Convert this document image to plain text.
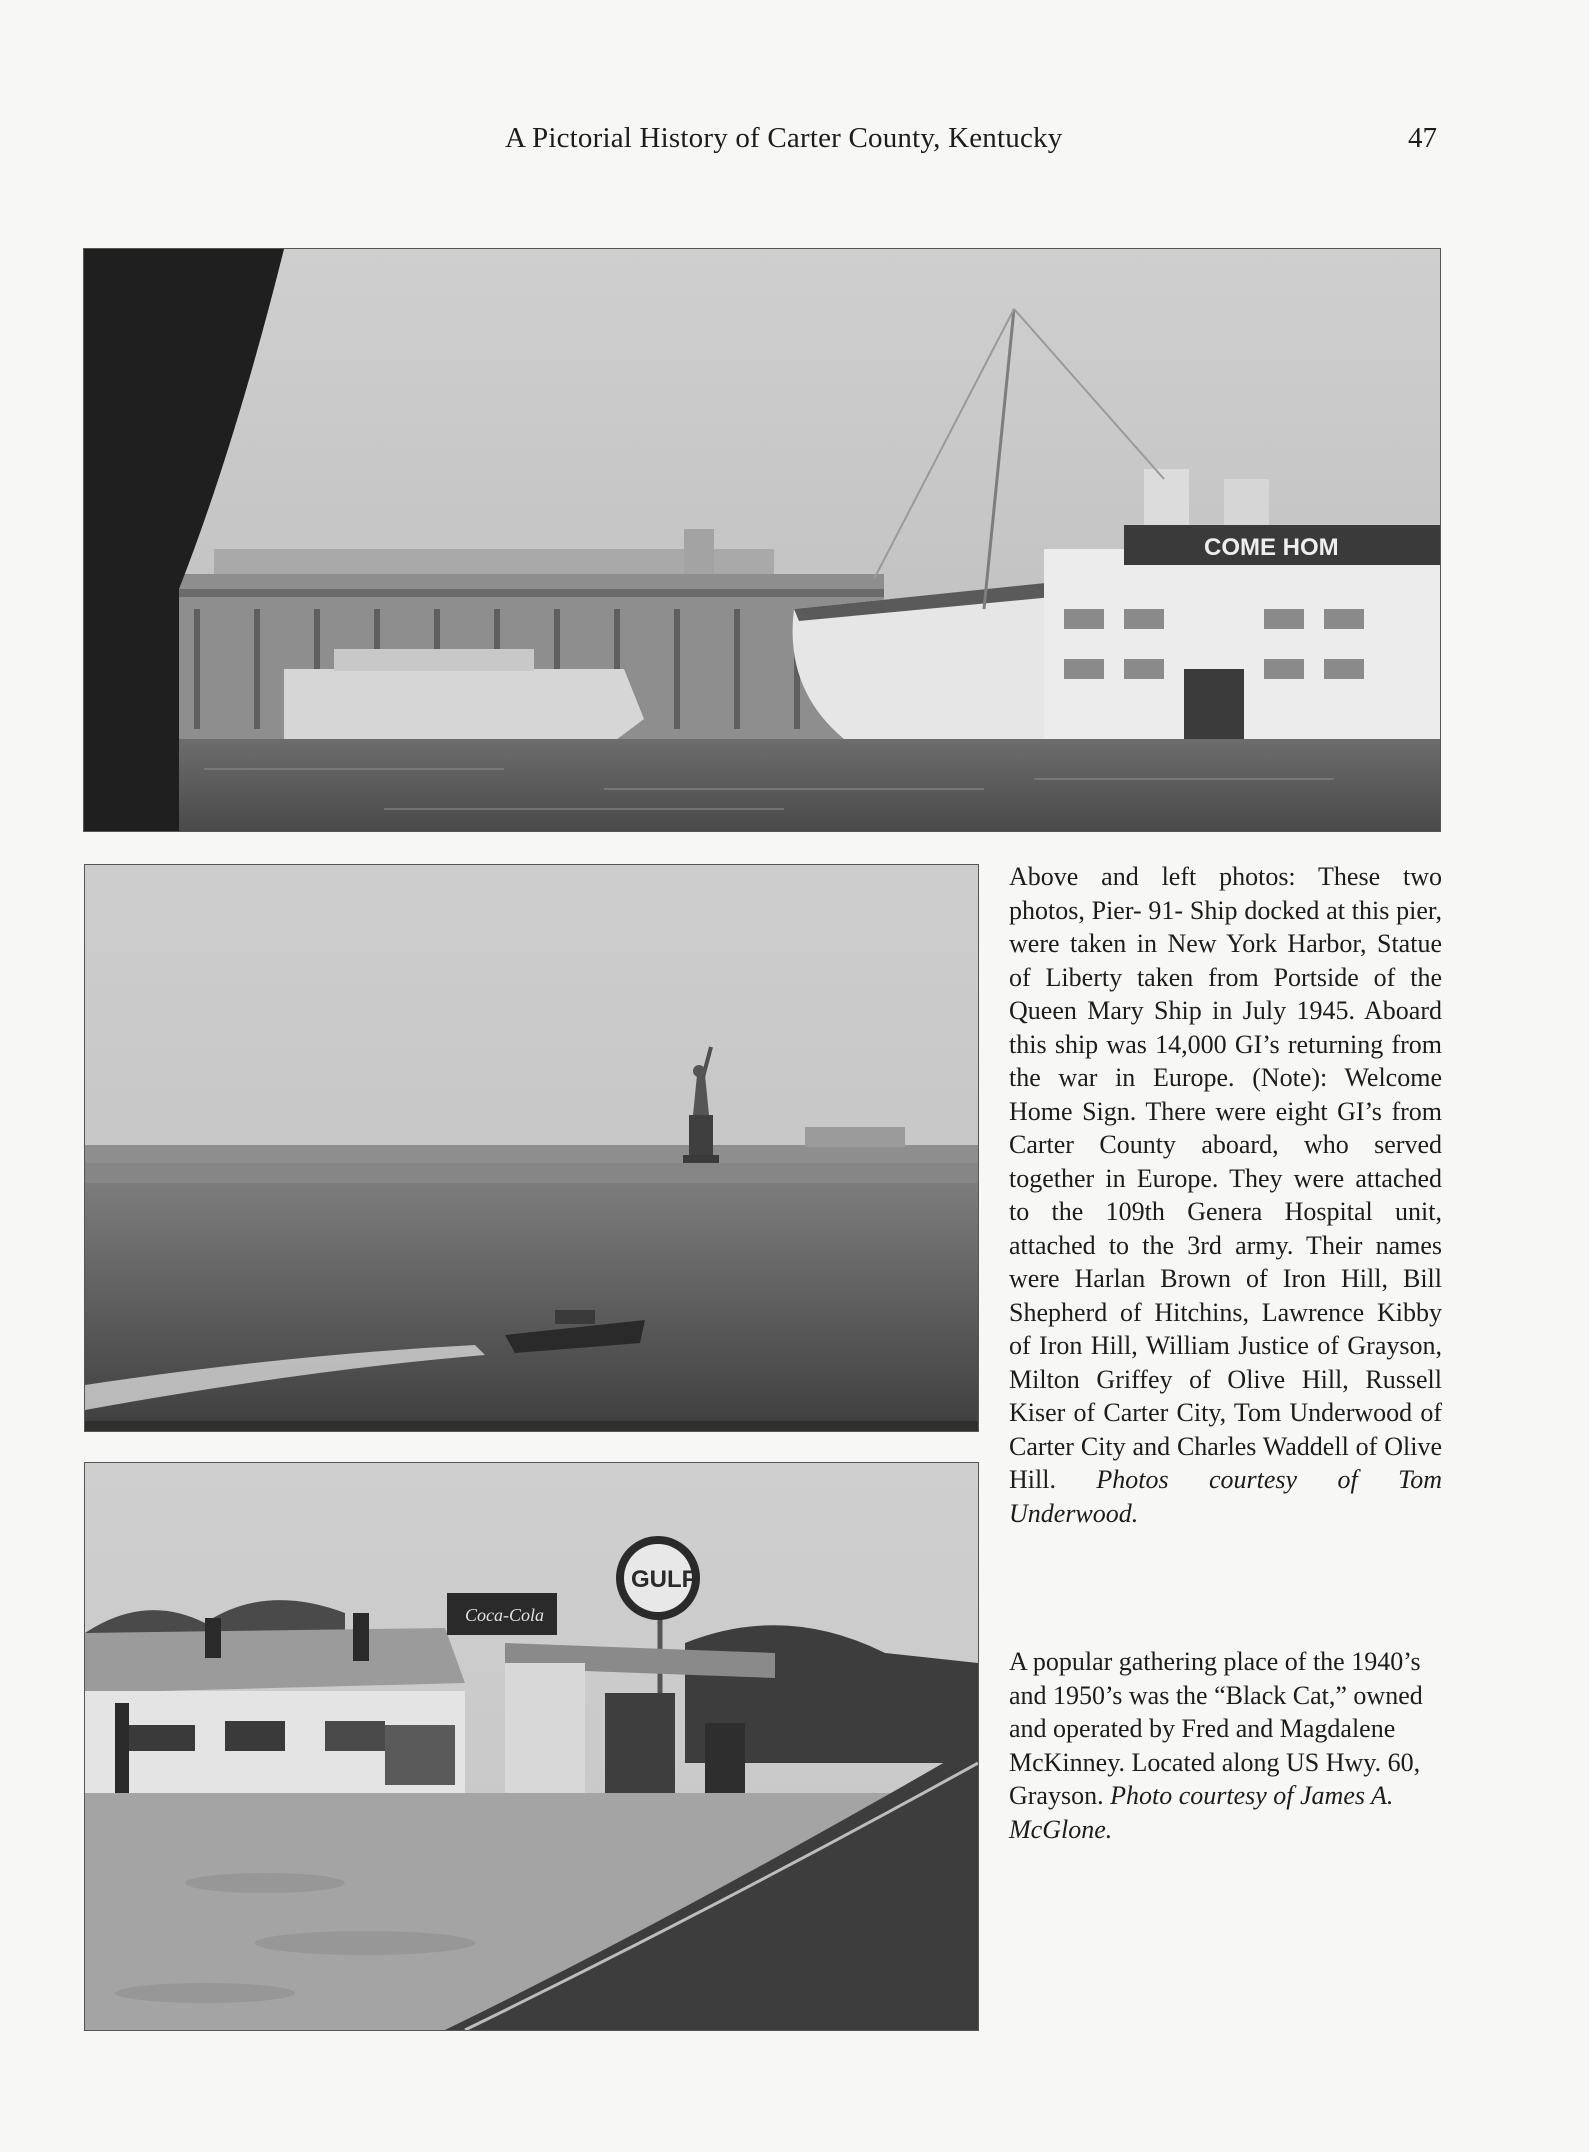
A Pictorial History of Carter County, Kentucky	47
COME HOM
Coca-Cola
GULF
Above and left photos: These two photos, Pier- 91- Ship docked at this pier, were taken in New York Harbor, Statue of Liberty taken from Portside of the Queen Mary Ship in July 1945. Aboard this ship was 14,000 GI’s returning from the war in Europe. (Note): Welcome Home Sign. There were eight GI’s from Carter County aboard, who served together in Europe. They were attached to the 109th Genera Hospital unit, attached to the 3rd army. Their names were Harlan Brown of Iron Hill, Bill Shepherd of Hitchins, Lawrence Kibby of Iron Hill, William Justice of Grayson, Milton Griffey of Olive Hill, Russell Kiser of Carter City, Tom Underwood of Carter City and Charles Waddell of Olive Hill. Photos courtesy of Tom Underwood.
A popular gathering place of the 1940’s and 1950’s was the “Black Cat,” owned and operated by Fred and Magdalene McKinney. Located along US Hwy. 60, Grayson. Photo courtesy of James A. McGlone.
